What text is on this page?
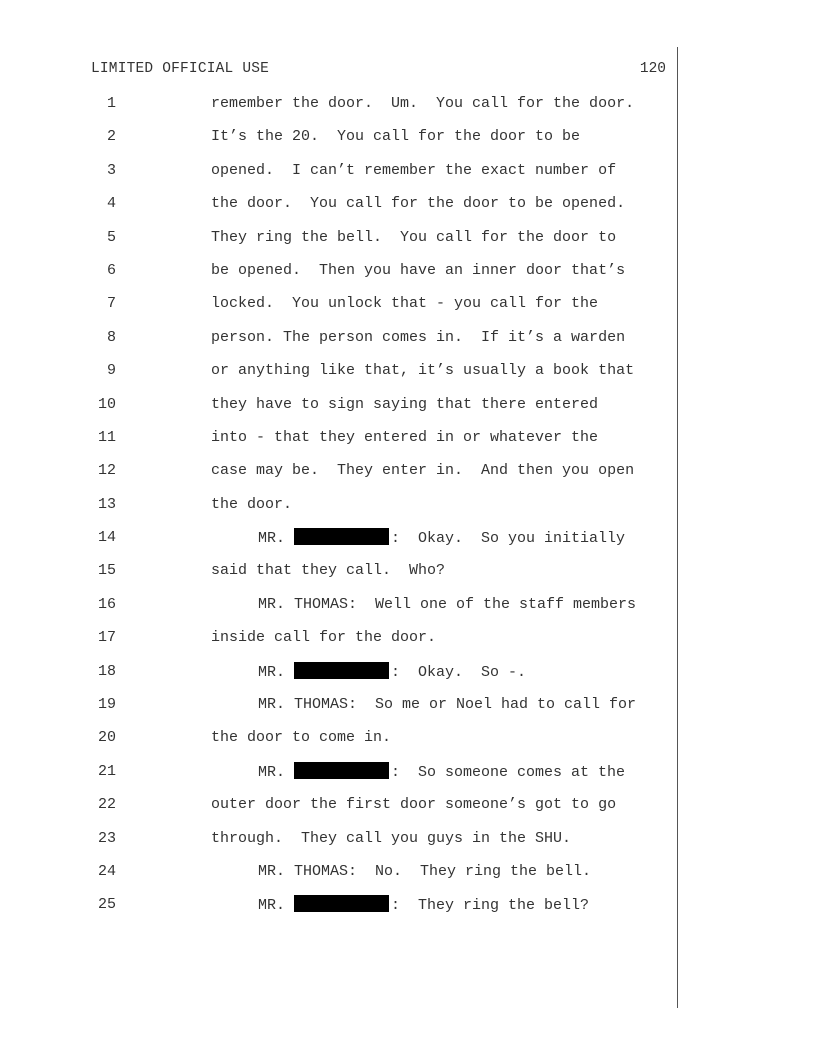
LIMITED OFFICIAL USE	120
1	remember the door.  Um.  You call for the door.
2	It’s the 20.  You call for the door to be
3	opened.  I can’t remember the exact number of
4	the door.  You call for the door to be opened.
5	They ring the bell.  You call for the door to
6	be opened.  Then you have an inner door that’s
7	locked.  You unlock that - you call for the
8	person. The person comes in.  If it’s a warden
9	or anything like that, it’s usually a book that
10	they have to sign saying that there entered
11	into - that they entered in or whatever the
12	case may be.  They enter in.  And then you open
13	the door.
14	MR.	:  Okay.  So you initially
15	said that they call.  Who?
16	MR. THOMAS:  Well one of the staff members
17	inside call for the door.
18	MR.	:  Okay.  So -.
19	MR. THOMAS:  So me or Noel had to call for
20	the door to come in.
21	MR.	:  So someone comes at the
22	outer door the first door someone’s got to go
23	through.  They call you guys in the SHU.
24	MR. THOMAS:  No.  They ring the bell.
25	MR.	:  They ring the bell?
